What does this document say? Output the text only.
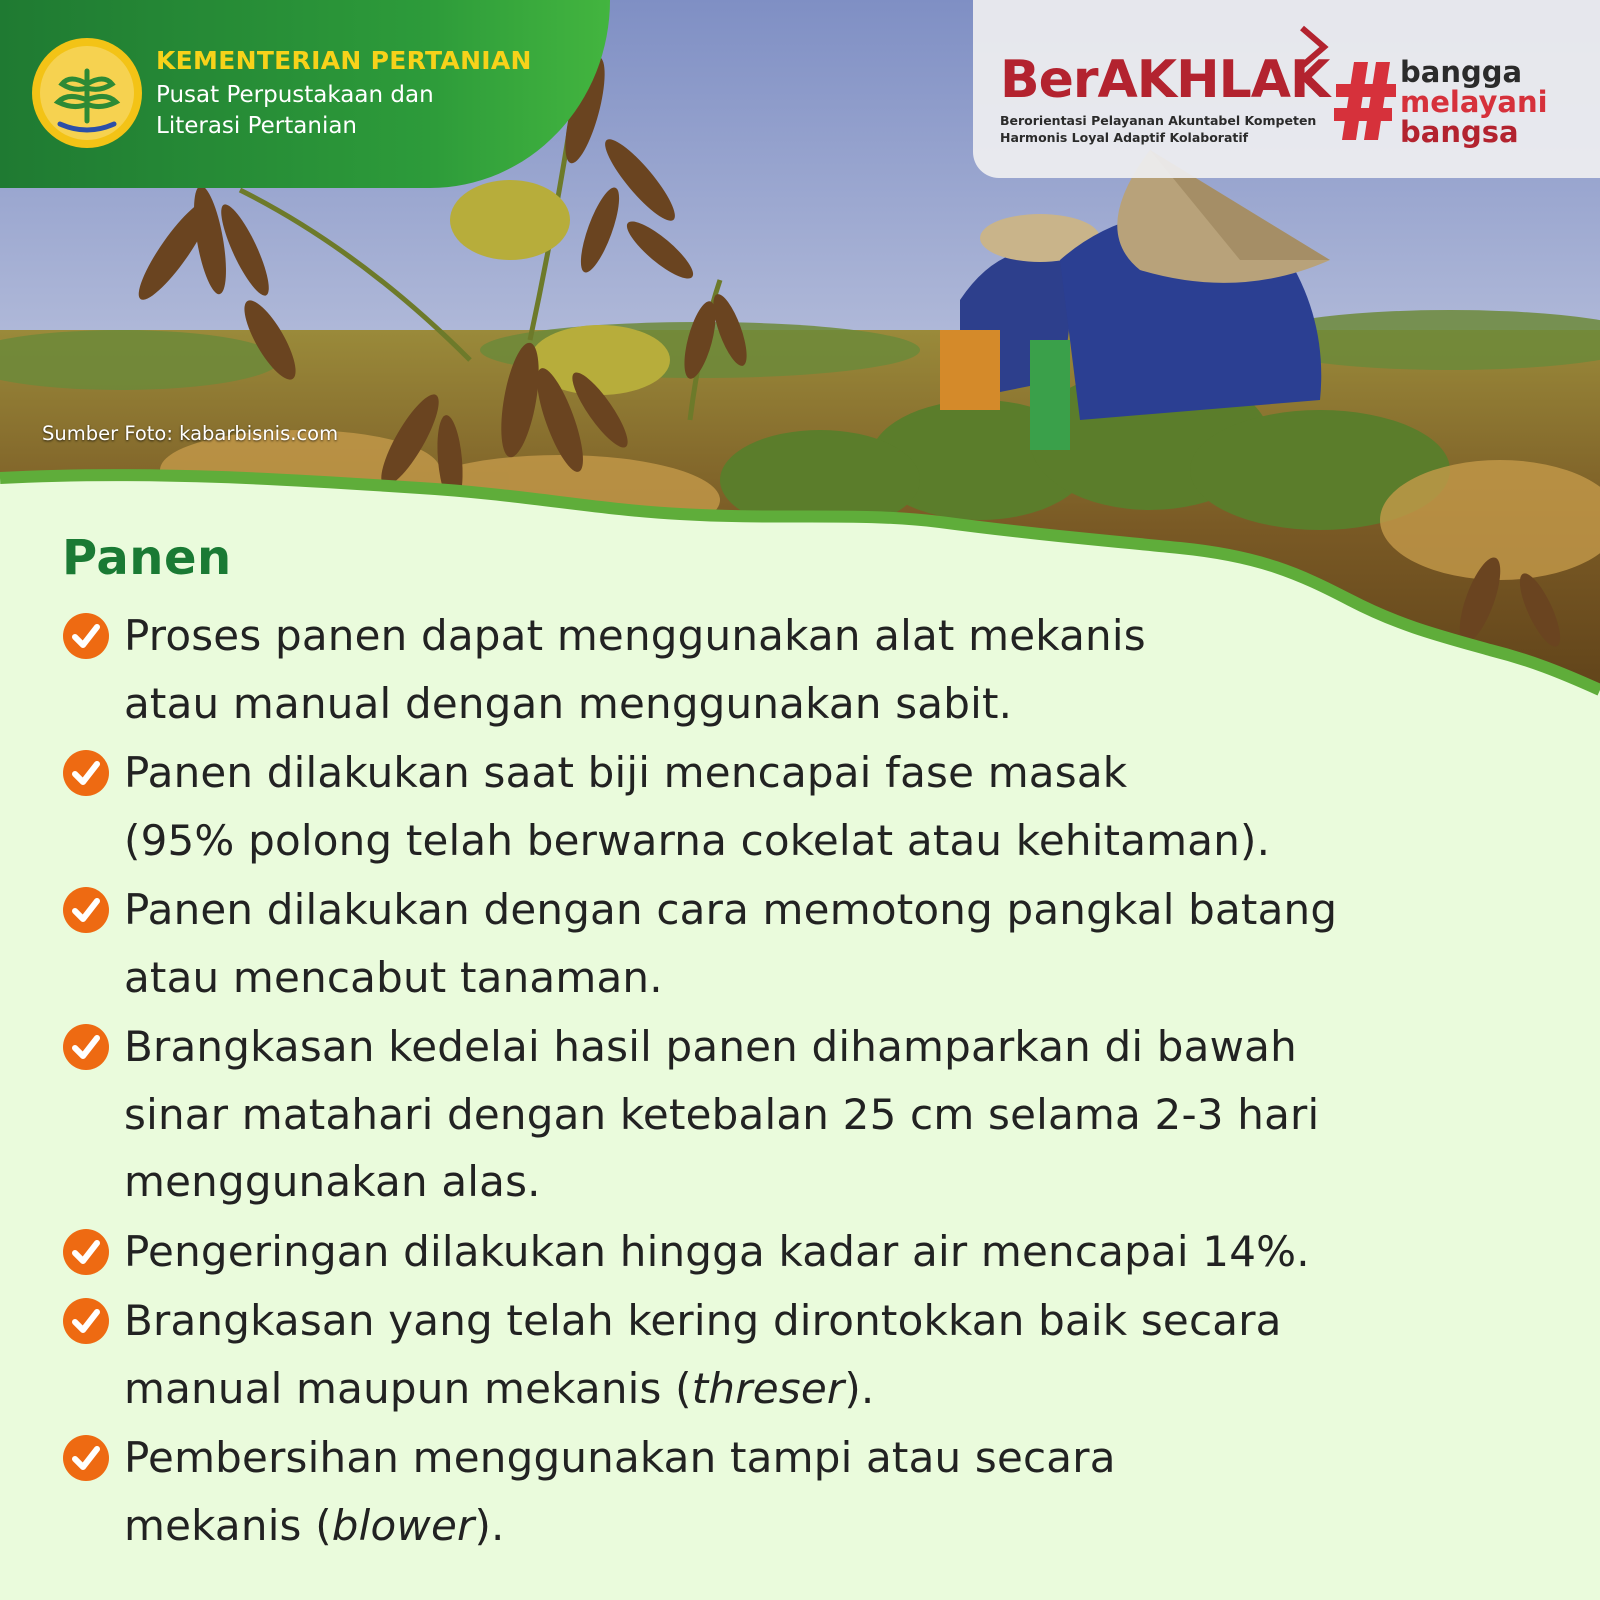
KEMENTERIAN PERTANIAN
Pusat Perpustakaan dan
Literasi Pertanian
BerAKHLAK
Berorientasi Pelayanan Akuntabel Kompeten
Harmonis Loyal Adaptif Kolaboratif
bangga
melayani
bangsa
Sumber Foto: kabarbisnis.com
Panen
Proses panen dapat menggunakan alat mekanis
atau manual dengan menggunakan sabit.
Panen dilakukan saat biji mencapai fase masak
(95% polong telah berwarna cokelat atau kehitaman).
Panen dilakukan dengan cara memotong pangkal batang
atau mencabut tanaman.
Brangkasan kedelai hasil panen dihamparkan di bawah
sinar matahari dengan ketebalan 25 cm selama 2-3 hari
menggunakan alas.
Pengeringan dilakukan hingga kadar air mencapai 14%.
Brangkasan yang telah kering dirontokkan baik secara
manual maupun mekanis (threser).
Pembersihan menggunakan tampi atau secara
mekanis (blower).
